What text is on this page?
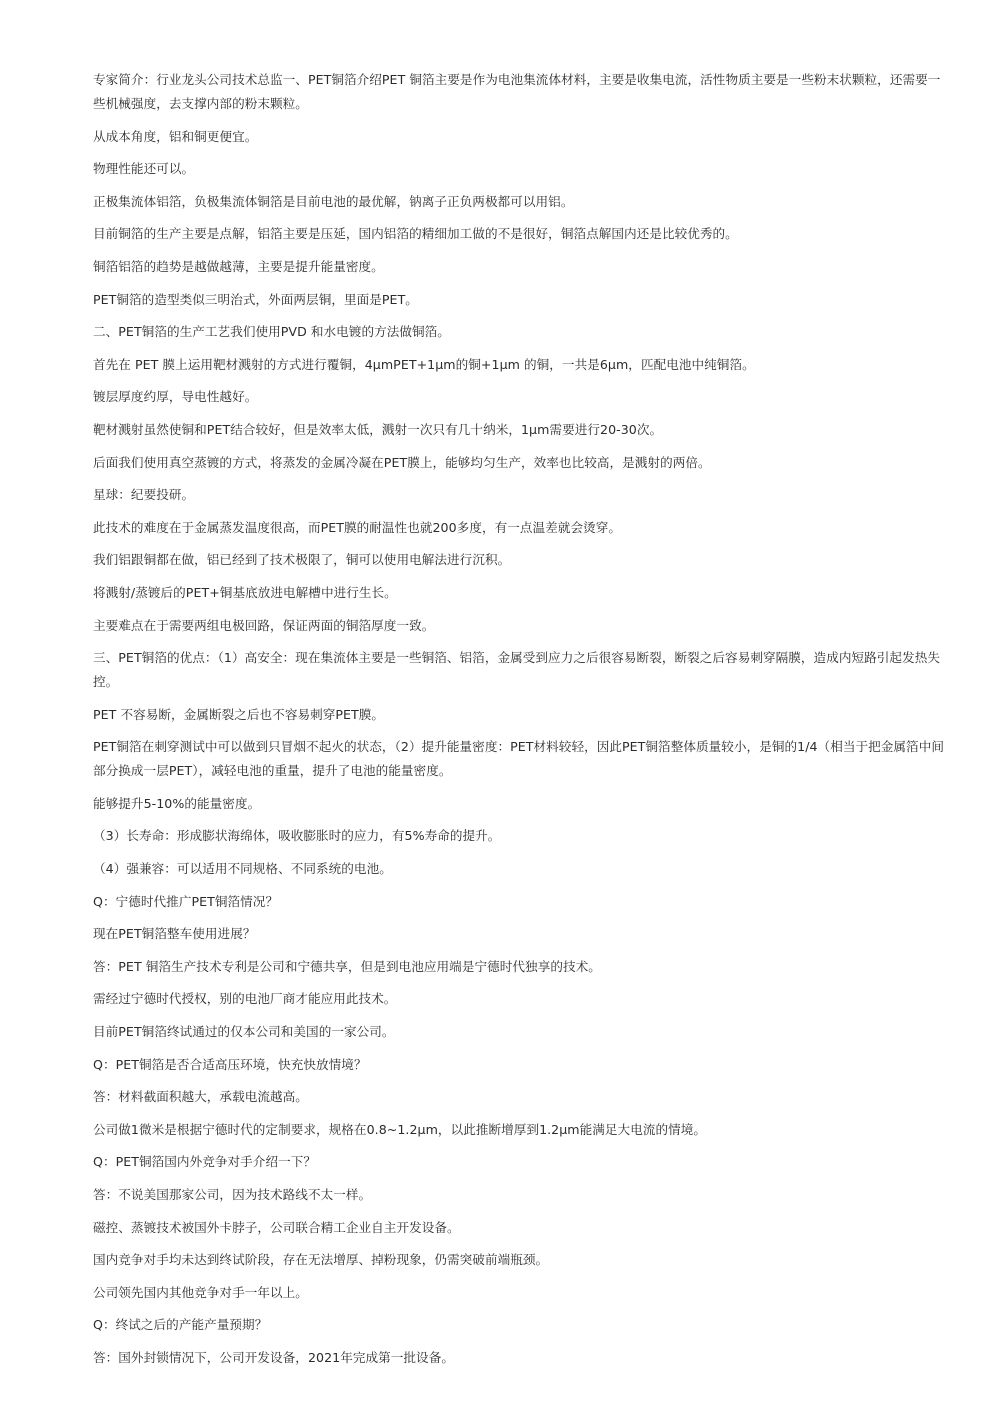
专家简介：行业龙头公司技术总监一、PET铜箔介绍PET 铜箔主要是作为电池集流体材料，主要是收集电流，活性物质主要是一些粉末状颗粒，还需要一些机械强度，去支撑内部的粉末颗粒。

从成本角度，铝和铜更便宜。

物理性能还可以。

正极集流体铝箔，负极集流体铜箔是目前电池的最优解，钠离子正负两极都可以用铝。

目前铜箔的生产主要是点解，铝箔主要是压延，国内铝箔的精细加工做的不是很好，铜箔点解国内还是比较优秀的。

铜箔铝箔的趋势是越做越薄，主要是提升能量密度。

PET铜箔的造型类似三明治式，外面两层铜，里面是PET。

二、PET铜箔的生产工艺我们使用PVD 和水电镀的方法做铜箔。

首先在 PET 膜上运用靶材溅射的方式进行覆铜，4μmPET+1μm的铜+1μm 的铜，一共是6μm，匹配电池中纯铜箔。

镀层厚度约厚，导电性越好。

靶材溅射虽然使铜和PET结合较好，但是效率太低，溅射一次只有几十纳米，1μm需要进行20-30次。

后面我们使用真空蒸镀的方式，将蒸发的金属冷凝在PET膜上，能够均匀生产，效率也比较高，是溅射的两倍。

星球：纪要投研。

此技术的难度在于金属蒸发温度很高，而PET膜的耐温性也就200多度，有一点温差就会烫穿。

我们铝跟铜都在做，铝已经到了技术极限了，铜可以使用电解法进行沉积。

将溅射/蒸镀后的PET+铜基底放进电解槽中进行生长。

主要难点在于需要两组电极回路，保证两面的铜箔厚度一致。

三、PET铜箔的优点：（1）高安全：现在集流体主要是一些铜箔、铝箔，金属受到应力之后很容易断裂，断裂之后容易刺穿隔膜，造成内短路引起发热失控。

PET 不容易断，金属断裂之后也不容易刺穿PET膜。

PET铜箔在刺穿测试中可以做到只冒烟不起火的状态，（2）提升能量密度：PET材料较轻，因此PET铜箔整体质量较小，是铜的1/4（相当于把金属箔中间部分换成一层PET），减轻电池的重量，提升了电池的能量密度。

能够提升5-10%的能量密度。

（3）长寿命：形成膨状海绵体，吸收膨胀时的应力，有5%寿命的提升。

（4）强兼容：可以适用不同规格、不同系统的电池。

Q：宁德时代推广PET铜箔情况？

现在PET铜箔整车使用进展？

答：PET 铜箔生产技术专利是公司和宁德共享，但是到电池应用端是宁德时代独享的技术。

需经过宁德时代授权，别的电池厂商才能应用此技术。

目前PET铜箔终试通过的仅本公司和美国的一家公司。

Q：PET铜箔是否合适高压环境，快充快放情境？

答：材料截面积越大，承载电流越高。

公司做1微米是根据宁德时代的定制要求，规格在0.8~1.2μm，以此推断增厚到1.2μm能满足大电流的情境。

Q：PET铜箔国内外竞争对手介绍一下？

答：不说美国那家公司，因为技术路线不太一样。

磁控、蒸镀技术被国外卡脖子，公司联合精工企业自主开发设备。

国内竞争对手均未达到终试阶段，存在无法增厚、掉粉现象，仍需突破前端瓶颈。

公司领先国内其他竞争对手一年以上。

Q：终试之后的产能产量预期？

答：国外封锁情况下，公司开发设备，2021年完成第一批设备。
